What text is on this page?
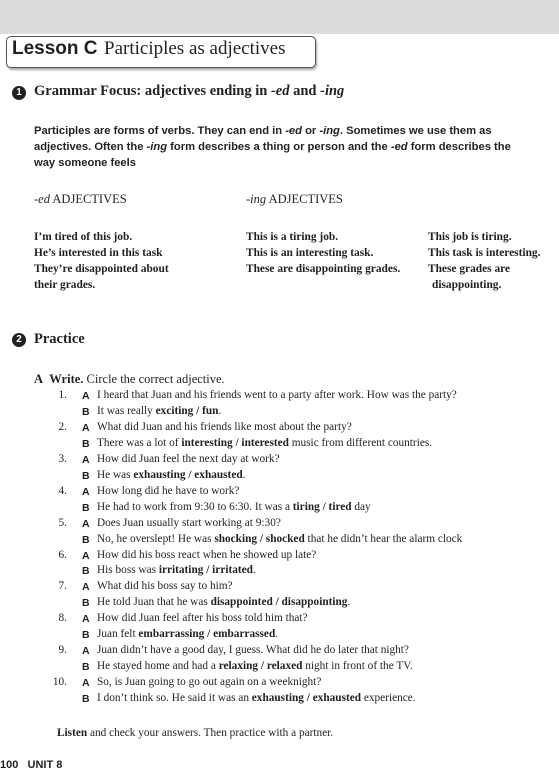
Lesson C Participles as adjectives
1 Grammar Focus: adjectives ending in -ed and -ing
Participles are forms of verbs. They can end in -ed or -ing. Sometimes we use them as adjectives. Often the -ing form describes a thing or person and the -ed form describes the way someone feels
-ed ADJECTIVES	-ing ADJECTIVES
I’m tired of this job.
He’s interested in this task
They’re disappointed about
their grades.
This is a tiring job.
This is an interesting task.
These are disappointing grades.
This job is tiring.
This task is interesting.
These grades are
disappointing.
2 Practice
A Write. Circle the correct adjective.
1. A I heard that Juan and his friends went to a party after work. How was the party?
B It was really exciting / fun.
2. A What did Juan and his friends like most about the party?
B There was a lot of interesting / interested music from different countries.
3. A How did Juan feel the next day at work?
B He was exhausting / exhausted.
4. A How long did he have to work?
B He had to work from 9:30 to 6:30. It was a tiring / tired day
5. A Does Juan usually start working at 9:30?
B No, he overslept! He was shocking / shocked that he didn’t hear the alarm clock
6. A How did his boss react when he showed up late?
B His boss was irritating / irritated.
7. A What did his boss say to him?
B He told Juan that he was disappointed / disappointing.
8. A How did Juan feel after his boss told him that?
B Juan felt embarrassing / embarrassed.
9. A Juan didn’t have a good day, I guess. What did he do later that night?
B He stayed home and had a relaxing / relaxed night in front of the TV.
10. A So, is Juan going to go out again on a weeknight?
B I don’t think so. He said it was an exhausting / exhausted experience.
Listen and check your answers. Then practice with a partner.
100 UNIT 8
